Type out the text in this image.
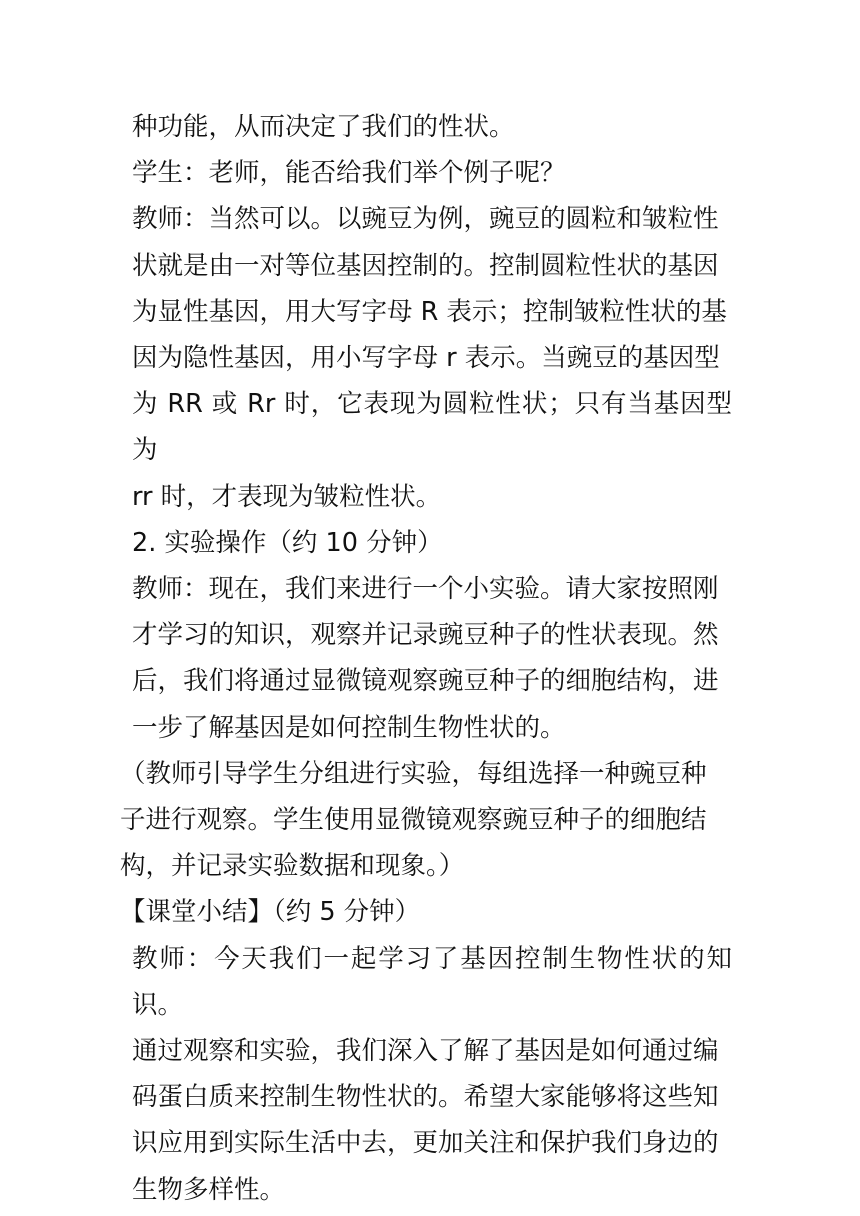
种功能，从而决定了我们的性状。

学生：老师，能否给我们举个例子呢？

教师：当然可以。以豌豆为例，豌豆的圆粒和皱粒性
状就是由一对等位基因控制的。控制圆粒性状的基因
为显性基因，用大写字母 R 表示；控制皱粒性状的基
因为隐性基因，用小写字母 r 表示。当豌豆的基因型
为 RR 或 Rr 时，它表现为圆粒性状；只有当基因型为
rr 时，才表现为皱粒性状。

2. 实验操作（约 10 分钟）

教师：现在，我们来进行一个小实验。请大家按照刚
才学习的知识，观察并记录豌豆种子的性状表现。然
后，我们将通过显微镜观察豌豆种子的细胞结构，进
一步了解基因是如何控制生物性状的。

（教师引导学生分组进行实验，每组选择一种豌豆种
子进行观察。学生使用显微镜观察豌豆种子的细胞结
构，并记录实验数据和现象。）

【课堂小结】（约 5 分钟）

教师：今天我们一起学习了基因控制生物性状的知识。
通过观察和实验，我们深入了解了基因是如何通过编
码蛋白质来控制生物性状的。希望大家能够将这些知
识应用到实际生活中去，更加关注和保护我们身边的
生物多样性。
